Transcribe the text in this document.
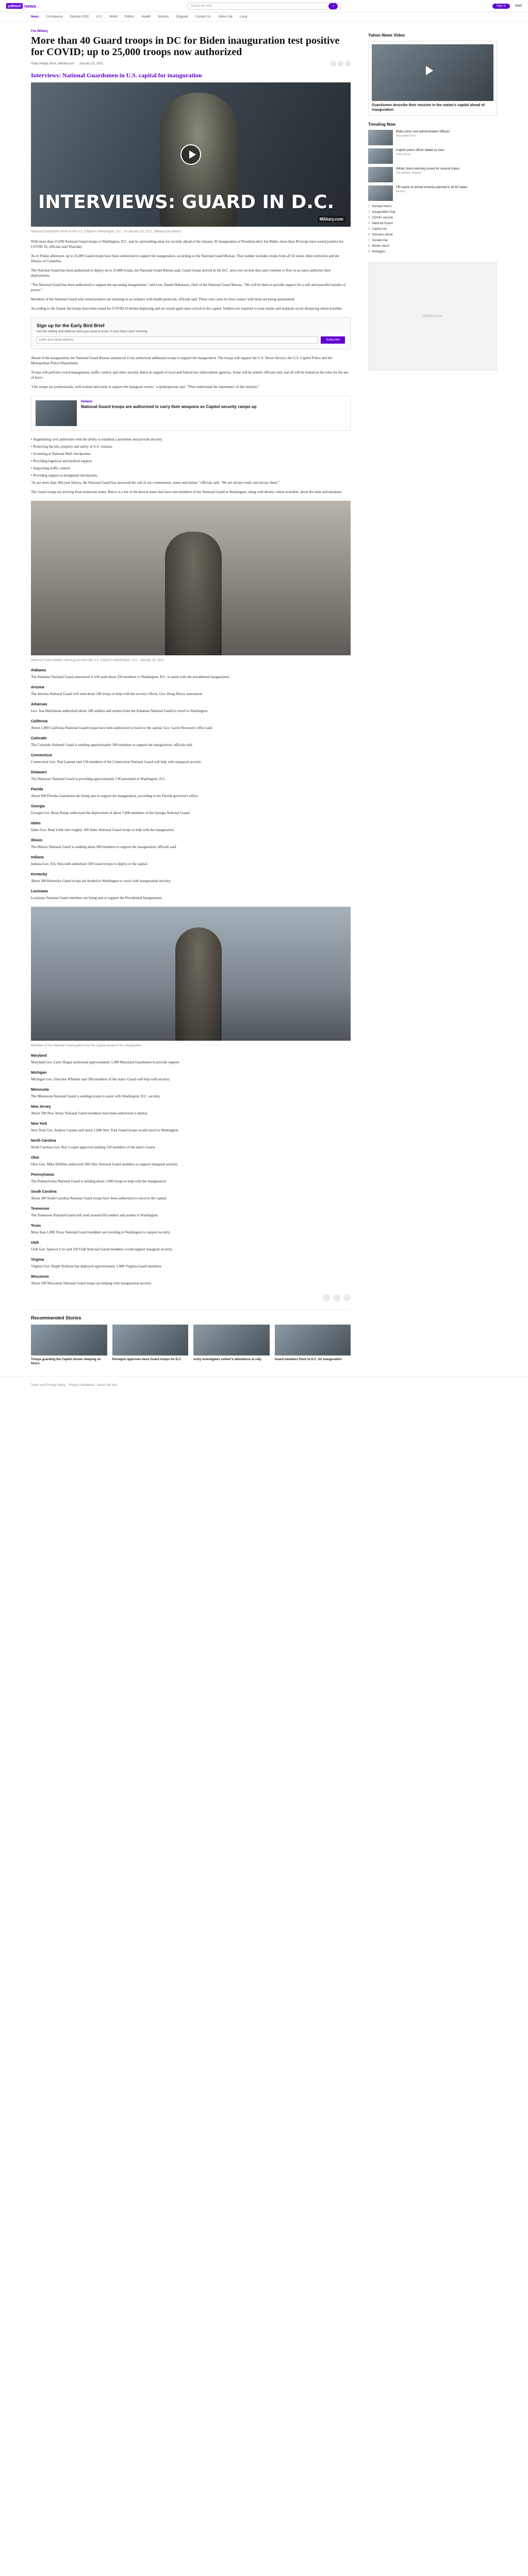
yahoo! news	Search the web	⌕	Sign in	Mail
News Coronavirus Election 2020 U.S. World Politics Health Science Originals Contact Us Yahoo Life Local
Fox Military
More than 40 Guard troops in DC for Biden inauguration test positive for COVID; up to 25,000 troops now authorized
Hope Hodge Seck, Military.com January 15, 2021
Interviews: National Guardsmen in U.S. capital for inauguration
INTERVIEWS: GUARD IN D.C.
Military.com
National Guardsmen arrive at the U.S. Capitol in Washington, D.C., on January 13, 2021. (Military.com photo)

With more than 25,000 National Guard troops in Washington, D.C. and its surrounding areas for security ahead of the January 20 inauguration of President-elect Joe Biden, more than 40 troops have tested positive for COVID-19, officials said Thursday.

As of Friday afternoon, up to 25,000 Guard troops have been authorized to support the inauguration, according to the National Guard Bureau. That number includes troops from all 50 states, three territories and the District of Columbia.

The National Guard has been authorized to deploy up to 25,000 troops, the National Guard Bureau said. Guard troops arrived in the D.C. area over several days and continue to flow in as states authorize their deployments.

"The National Guard has been authorized to support the upcoming inauguration," said Gen. Daniel Hokanson, chief of the National Guard Bureau. "We will be there to provide support for a safe and peaceful transfer of power."

Members of the National Guard who tested positive are isolating in accordance with health protocols, officials said. Those who came in close contact with them are being quarantined.

According to the Guard, the troops have been tested for COVID-19 before deploying and are tested again upon arrival in the capital. Soldiers are required to wear masks and maintain social distancing where possible.

Sign up for the Early Bird Brief
Get the military and defense news you need to know, in your inbox each morning.
Enter your email address
Subscribe

Ahead of the inauguration, the National Guard Bureau announced it has authorized additional troops to support the inauguration. The troops will support the U.S. Secret Service, the U.S. Capitol Police and the Metropolitan Police Department.

Troops will perform crowd management, traffic control, and other security duties in support of local and federal law enforcement agencies. Some will be armed, officials said, and all will be trained in the rules for the use of force.

"Our troops are professionals, well-trained and ready to support the inaugural events," a spokesperson said. "They understand the importance of this mission."

Related
National Guard troops are authorized to carry their weapons as Capitol security ramps up

• Augmenting civil authorities with the ability to establish a perimeter and provide security.

• Protecting the life, property and safety of U.S. citizens.

• Screening at National Mall checkpoints.

• Providing logistical and medical support.

• Supporting traffic control.

• Providing support at designated checkpoints.

"In our more than 384-year history, the National Guard has answered the call of our communities, states and nation," officials said. "We are always ready and always there."

The Guard troops are arriving from numerous states. Below is a list of the known states that have sent members of the National Guard to Washington, along with details, where available, about the units and missions.

National Guard soldiers stand guard near the U.S. Capitol in Washington, D.C., January 14, 2021.
Alabama

The Alabama National Guard announced it will send about 250 members to Washington, D.C. to assist with the presidential inauguration.

Arizona

The Arizona National Guard will send about 100 troops to help with the security efforts, Gov. Doug Ducey announced.

Arkansas

Gov. Asa Hutchinson authorized about 500 soldiers and airmen from the Arkansas National Guard to travel to Washington.

California

About 1,000 California National Guard troops have been authorized to travel to the capital, Gov. Gavin Newsom's office said.

Colorado

The Colorado National Guard is sending approximately 200 members to support the inauguration, officials said.

Connecticut

Connecticut Gov. Ned Lamont said 150 members of the Connecticut National Guard will help with inaugural security.

Delaware

The Delaware National Guard is providing approximately 130 personnel to Washington, D.C.

Florida

About 600 Florida Guardsmen are being sent to support the inauguration, according to the Florida governor's office.

Georgia

Georgia Gov. Brian Kemp authorized the deployment of about 1,000 members of the Georgia National Guard.

Idaho

Idaho Gov. Brad Little sent roughly 100 Idaho National Guard troops to help with the inauguration.

Illinois

The Illinois National Guard is sending about 500 members to support the inauguration, officials said.

Indiana

Indiana Gov. Eric Holcomb authorized 500 Guard troops to deploy to the capital.

Kentucky

About 300 Kentucky Guard troops are headed to Washington to assist with inauguration security.

Louisiana

Louisiana National Guard members are being sent to support the Presidential Inauguration.

Members of the National Guard patrol near the Capitol ahead of the inauguration.
Maryland

Maryland Gov. Larry Hogan authorized approximately 1,000 Maryland Guardsmen to provide support.

Michigan

Michigan Gov. Gretchen Whitmer said 500 members of the state's Guard will help with security.

Minnesota

The Minnesota National Guard is sending troops to assist with Washington, D.C. security.

New Jersey

About 500 New Jersey National Guard members have been authorized to deploy.

New York

New York Gov. Andrew Cuomo said about 1,000 New York Guard troops would travel to Washington.

North Carolina

North Carolina Gov. Roy Cooper approved sending 550 members of the state's Guard.

Ohio

Ohio Gov. Mike DeWine authorized 580 Ohio National Guard members to support inaugural security.

Pennsylvania

The Pennsylvania National Guard is sending about 1,000 troops to help with the inauguration.

South Carolina

About 300 South Carolina National Guard troops have been authorized to travel to the capital.

Tennessee

The Tennessee National Guard will send around 650 soldiers and airmen to Washington.

Texas

More than 1,000 Texas National Guard members are traveling to Washington to support security.

Utah

Utah Gov. Spencer Cox said 250 Utah National Guard members would support inaugural security.

Virginia

Virginia Gov. Ralph Northam has deployed approximately 1,000 Virginia Guard members.

Wisconsin

About 500 Wisconsin National Guard troops are helping with inauguration security.

Recommended Stories
Troops guarding the Capitol shown sleeping on floors
Pentagon approves more Guard troops for D.C.	Army investigates soldier's attendance at rally	Guard members flock to D.C. for inauguration
Yahoo News Video
Guardsmen describe their mission in the nation's capital ahead of inauguration
Trending Now
Biden picks new administration officials
Associated Press
Capitol police officer hailed as hero
Yahoo News
Winter storm warning issued for several states
The Weather Channel
FBI warns of armed protests planned in all 50 states
Reuters
1 Kamala Harris
2 Inauguration Day
3 COVID vaccine
4 National Guard
5 Capitol riot
6 Stimulus check
7 Senate trial
8 Winter storm
9 Pentagon
Advertisement
Terms and Privacy Policy · Privacy Dashboard · About Our Ads
